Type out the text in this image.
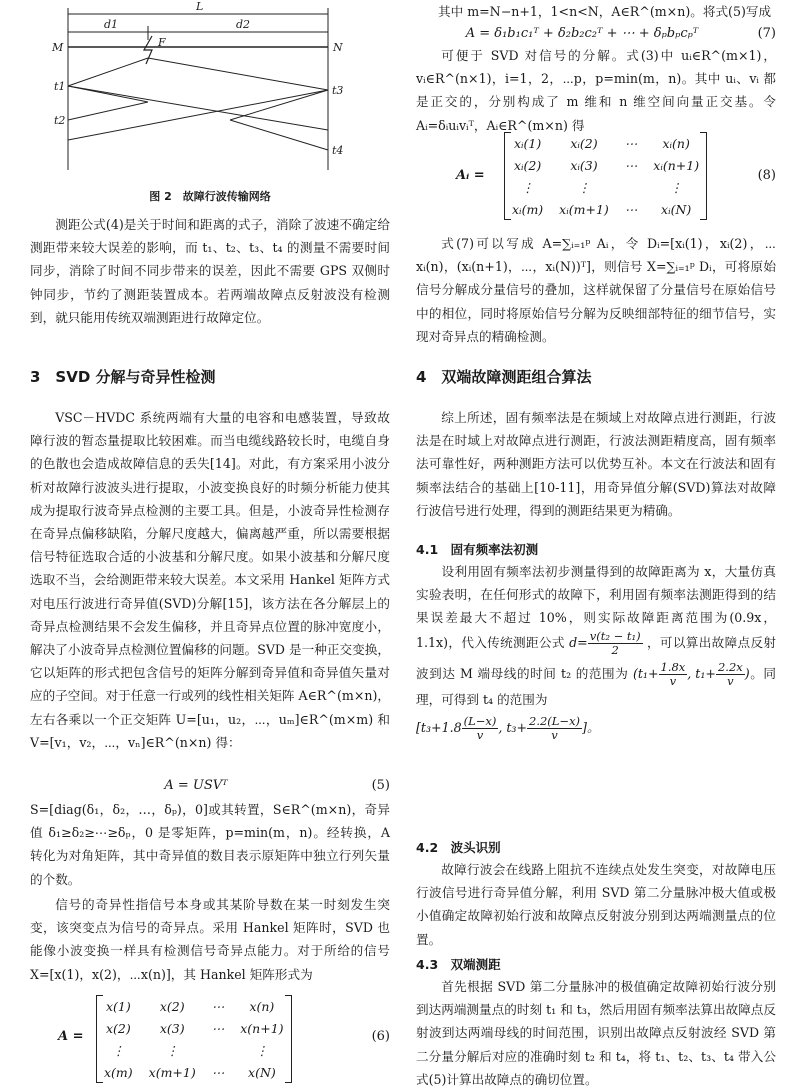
L
d1	d2
M	N
F
t1
t2
t3
t4
图 2　故障行波传输网络

测距公式(4)是关于时间和距离的式子，消除了波速不确定给测距带来较大误差的影响，而 t₁、t₂、t₃、t₄ 的测量不需要时间同步，消除了时间不同步带来的误差，因此不需要 GPS 双侧时钟同步，节约了测距装置成本。若两端故障点反射波没有检测到，就只能用传统双端测距进行故障定位。

3　SVD 分解与奇异性检测

VSC－HVDC 系统两端有大量的电容和电感装置，导致故障行波的暂态量提取比较困难。而当电缆线路较长时，电缆自身的色散也会造成故障信息的丢失[14]。对此，有方案采用小波分析对故障行波波头进行提取，小波变换良好的时频分析能力使其成为提取行波奇异点检测的主要工具。但是，小波奇异性检测存在奇异点偏移缺陷，分解尺度越大，偏离越严重，所以需要根据信号特征选取合适的小波基和分解尺度。如果小波基和分解尺度选取不当，会给测距带来较大误差。本文采用 Hankel 矩阵方式对电压行波进行奇异值(SVD)分解[15]，该方法在各分解层上的奇异点检测结果不会发生偏移，并且奇异点位置的脉冲宽度小，解决了小波奇异点检测位置偏移的问题。SVD 是一种正交变换，它以矩阵的形式把包含信号的矩阵分解到奇异值和奇异值矢量对应的子空间。对于任意一行或列的线性相关矩阵 A∈R^(m×n)，左右各乘以一个正交矩阵 U=[u₁，u₂，⋯，uₘ]∈R^(m×m) 和 V=[v₁，v₂，⋯，vₙ]∈R^(n×n) 得：

A = USVᵀ	(5)

S=[diag(δ₁，δ₂，…，δₚ)，0]或其转置，S∈R^(m×n)，奇异值 δ₁≥δ₂≥⋯≥δₚ，0 是零矩阵，p=min(m，n)。经转换，A 转化为对角矩阵，其中奇异值的数目表示原矩阵中独立行列矢量的个数。

信号的奇异性指信号本身或其某阶导数在某一时刻发生突变，该突变点为信号的奇异点。采用 Hankel 矩阵时，SVD 也能像小波变换一样具有检测信号奇异点能力。对于所给的信号 X=[x(1)，x(2)，⋯x(n)]，其 Hankel 矩阵形式为

A =
x(1)	x(2)	⋯	x(n)
x(2)	x(3)	⋯	x(n+1)
⋮	⋮		⋮
x(m)	x(m+1)	⋯	x(N)
(6)

其中 m=N−n+1，1<n<N，A∈R^(m×n)。将式(5)写成

A = δ₁b₁c₁ᵀ + δ₂b₂c₂ᵀ + ⋯ + δₚbₚcₚᵀ	(7)

可便于 SVD 对信号的分解。式(3)中 uᵢ∈R^(m×1)，vᵢ∈R^(n×1)，i=1，2，⋯p，p=min(m，n)。其中 uᵢ、vᵢ 都是正交的，分别构成了 m 维和 n 维空间向量正交基。令 Aᵢ=δᵢuᵢvᵢᵀ，Aᵢ∈R^(m×n) 得

Aᵢ =
xᵢ(1)	xᵢ(2)	⋯	xᵢ(n)
xᵢ(2)	xᵢ(3)	⋯	xᵢ(n+1)
⋮	⋮		⋮
xᵢ(m)	xᵢ(m+1)	⋯	xᵢ(N)
(8)

式(7)可以写成 A=∑ᵢ₌₁ᵖ Aᵢ，令 Dᵢ=[xᵢ(1)，xᵢ(2)，⋯xᵢ(n)，(xᵢ(n+1)，⋯，xᵢ(N))ᵀ]，则信号 X=∑ᵢ₌₁ᵖ Dᵢ，可将原始信号分解成分量信号的叠加，这样就保留了分量信号在原始信号中的相位，同时将原始信号分解为反映细部特征的细节信号，实现对奇异点的精确检测。

4　双端故障测距组合算法

综上所述，固有频率法是在频域上对故障点进行测距，行波法是在时域上对故障点进行测距，行波法测距精度高，固有频率法可靠性好，两种测距方法可以优势互补。本文在行波法和固有频率法结合的基础上[10-11]，用奇异值分解(SVD)算法对故障行波信号进行处理，得到的测距结果更为精确。

4.1　固有频率法初测
设利用固有频率法初步测量得到的故障距离为 x，大量仿真实验表明，在任何形式的故障下，利用固有频率法测距得到的结果误差最大不超过 10%，则实际故障距离范围为(0.9x，1.1x)，代入传统测距公式 $d= \frac{\text{v(t₂ − t₁)}}{2}$ ，可以算出故障点反射波到达 M 端母线的时间 t₂ 的范围为 ($t_1+ \frac{1.8x}{v}$ , $t_1+ \frac{2.2x}{v}$ )。同理，可得到 t₄ 的范围为
[$t_3+1.8 \frac{(L-x)}{v}$ , $t_3+ \frac{2.2(L-x)}{v}$ ]。
4.2　波头识别

故障行波会在线路上阻抗不连续点处发生突变，对故障电压行波信号进行奇异值分解，利用 SVD 第二分量脉冲极大值或极小值确定故障初始行波和故障点反射波分别到达两端测量点的位置。

4.3　双端测距

首先根据 SVD 第二分量脉冲的极值确定故障初始行波分别到达两端测量点的时刻 t₁ 和 t₃，然后用固有频率法算出故障点反射波到达两端母线的时间范围，识别出故障点反射波经 SVD 第二分量分解后对应的准确时刻 t₂ 和 t₄，将 t₁、t₂、t₃、t₄ 带入公式(5)计算出故障点的确切位置。
